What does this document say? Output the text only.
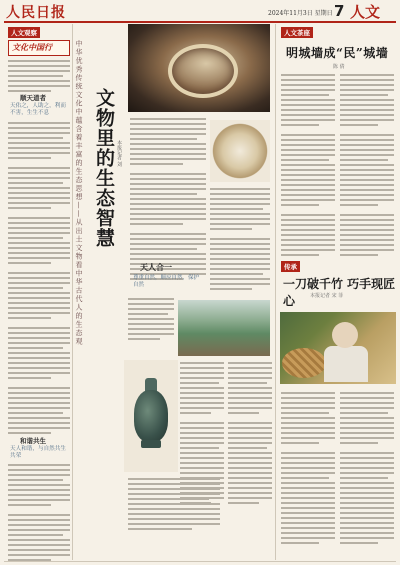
人民日报	2024年11月3日 星期日 7 人文
人文观察
文化中国行
顺天道者
天佑之，人助之，利而不害，生生不息
和谐共生
天人和谐，与自然共生共荣
中华优秀传统文化中蕴含着丰富的生态思想——从出土文物看中华古代人的生态观 文物里的生态智慧 本报记者 刘
天人合一
尊重自然，顺应自然，保护自然
人文茶座
明城墙成“民”城墙
陈 倩
传承
一刀破千竹 巧手现匠心	本报记者 宋 菲
